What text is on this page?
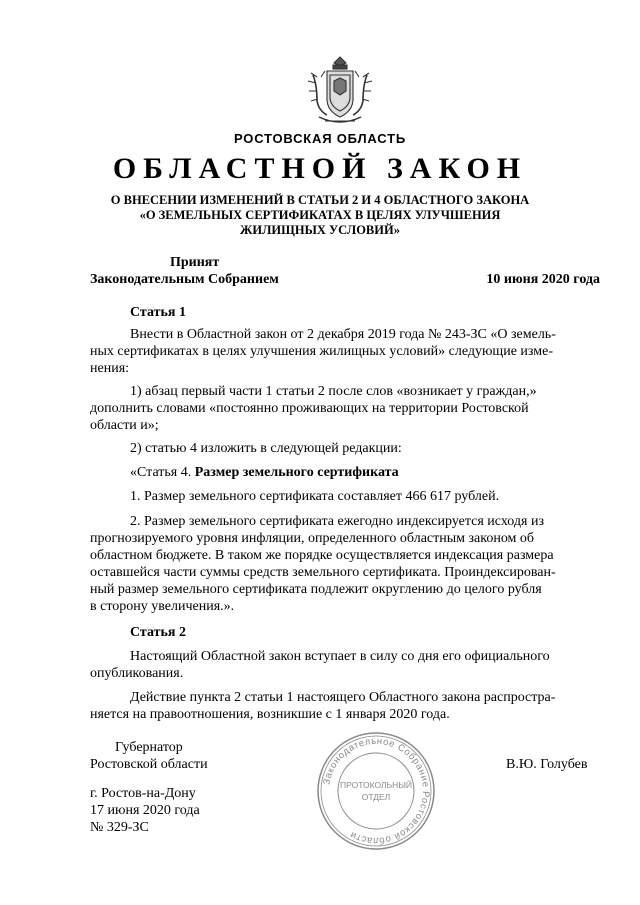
РОСТОВСКАЯ ОБЛАСТЬ
ОБЛАСТНОЙ ЗАКОН
О ВНЕСЕНИИ ИЗМЕНЕНИЙ В СТАТЬИ 2 И 4 ОБЛАСТНОГО ЗАКОНА
«О ЗЕМЕЛЬНЫХ СЕРТИФИКАТАХ В ЦЕЛЯХ УЛУЧШЕНИЯ
ЖИЛИЩНЫХ УСЛОВИЙ»
Принят
Законодательным Собранием	10 июня 2020 года

Статья 1

Внести в Областной закон от 2 декабря 2019 года № 243-ЗС «О земель-
ных сертификатах в целях улучшения жилищных условий» следующие изме-
нения:
1) абзац первый части 1 статьи 2 после слов «возникает у граждан,»
дополнить словами «постоянно проживающих на территории Ростовской
области и»;
2) статью 4 изложить в следующей редакции:
«Статья 4. Размер земельного сертификата
1. Размер земельного сертификата составляет 466 617 рублей.
2. Размер земельного сертификата ежегодно индексируется исходя из
прогнозируемого уровня инфляции, определенного областным законом об
областном бюджете. В таком же порядке осуществляется индексация размера
оставшейся части суммы средств земельного сертификата. Проиндексирован-
ный размер земельного сертификата подлежит округлению до целого рубля
в сторону увеличения.».

Статья 2

Настоящий Областной закон вступает в силу со дня его официального
опубликования.
Действие пункта 2 статьи 1 настоящего Областного закона распростра-
няется на правоотношения, возникшие с 1 января 2020 года.
Губернатор
Ростовской области	В.Ю. Голубев
г. Ростов-на-Дону
17 июня 2020 года
№ 329-ЗС
Законодательное Собрание Ростовской области
ПРОТОКОЛЬНЫЙ
ОТДЕЛ
